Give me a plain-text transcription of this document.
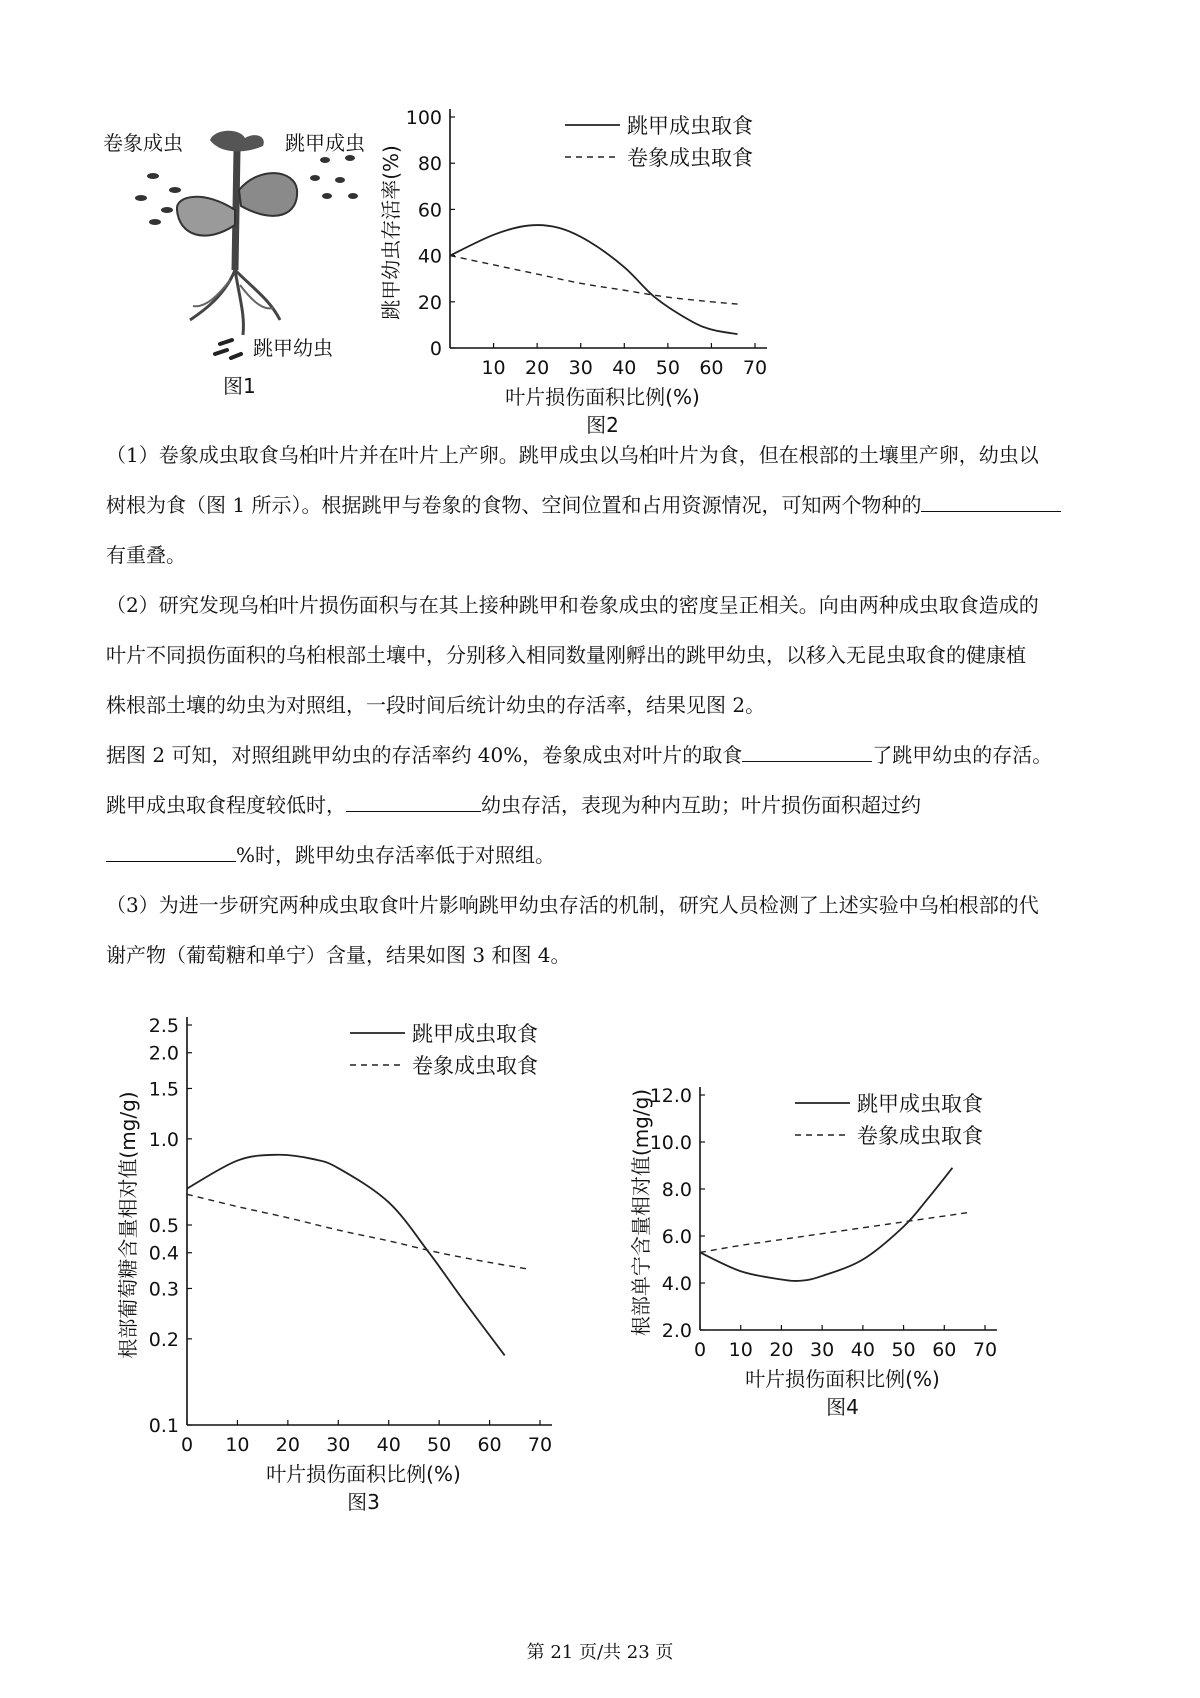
卷象成虫	跳甲成虫
跳甲幼虫
图1
10 20 30 40 50 60 70
0
20
40
60
80
100
叶片损伤面积比例(%)
跳甲幼虫存活率(%)
图2
跳甲成虫取食
卷象成虫取食

（1）卷象成虫取食乌桕叶片并在叶片上产卵。跳甲成虫以乌桕叶片为食，但在根部的土壤里产卵，幼虫以

树根为食（图 1 所示）。根据跳甲与卷象的食物、空间位置和占用资源情况，可知两个物种的

有重叠。

（2）研究发现乌桕叶片损伤面积与在其上接种跳甲和卷象成虫的密度呈正相关。向由两种成虫取食造成的

叶片不同损伤面积的乌桕根部土壤中，分别移入相同数量刚孵出的跳甲幼虫，以移入无昆虫取食的健康植

株根部土壤的幼虫为对照组，一段时间后统计幼虫的存活率，结果见图 2。

据图 2 可知，对照组跳甲幼虫的存活率约 40%，卷象成虫对叶片的取食	了跳甲幼虫的存活。

跳甲成虫取食程度较低时，	幼虫存活，表现为种内互助；叶片损伤面积超过约

%时，跳甲幼虫存活率低于对照组。

（3）为进一步研究两种成虫取食叶片影响跳甲幼虫存活的机制，研究人员检测了上述实验中乌桕根部的代

谢产物（葡萄糖和单宁）含量，结果如图 3 和图 4。

0 10 20 30 40 50 60 70
0.1
0.2
0.3
0.4
0.5
1.0
1.5
2.0
2.5
叶片损伤面积比例(%)
根部葡萄糖含量相对值(mg/g)
图3
跳甲成虫取食
卷象成虫取食
0 10 20 30 40 50 60 70
2.0
4.0
6.0
8.0
10.0
12.0
叶片损伤面积比例(%)
根部单宁含量相对值(mg/g)
图4
跳甲成虫取食
卷象成虫取食
第 21 页/共 23 页
